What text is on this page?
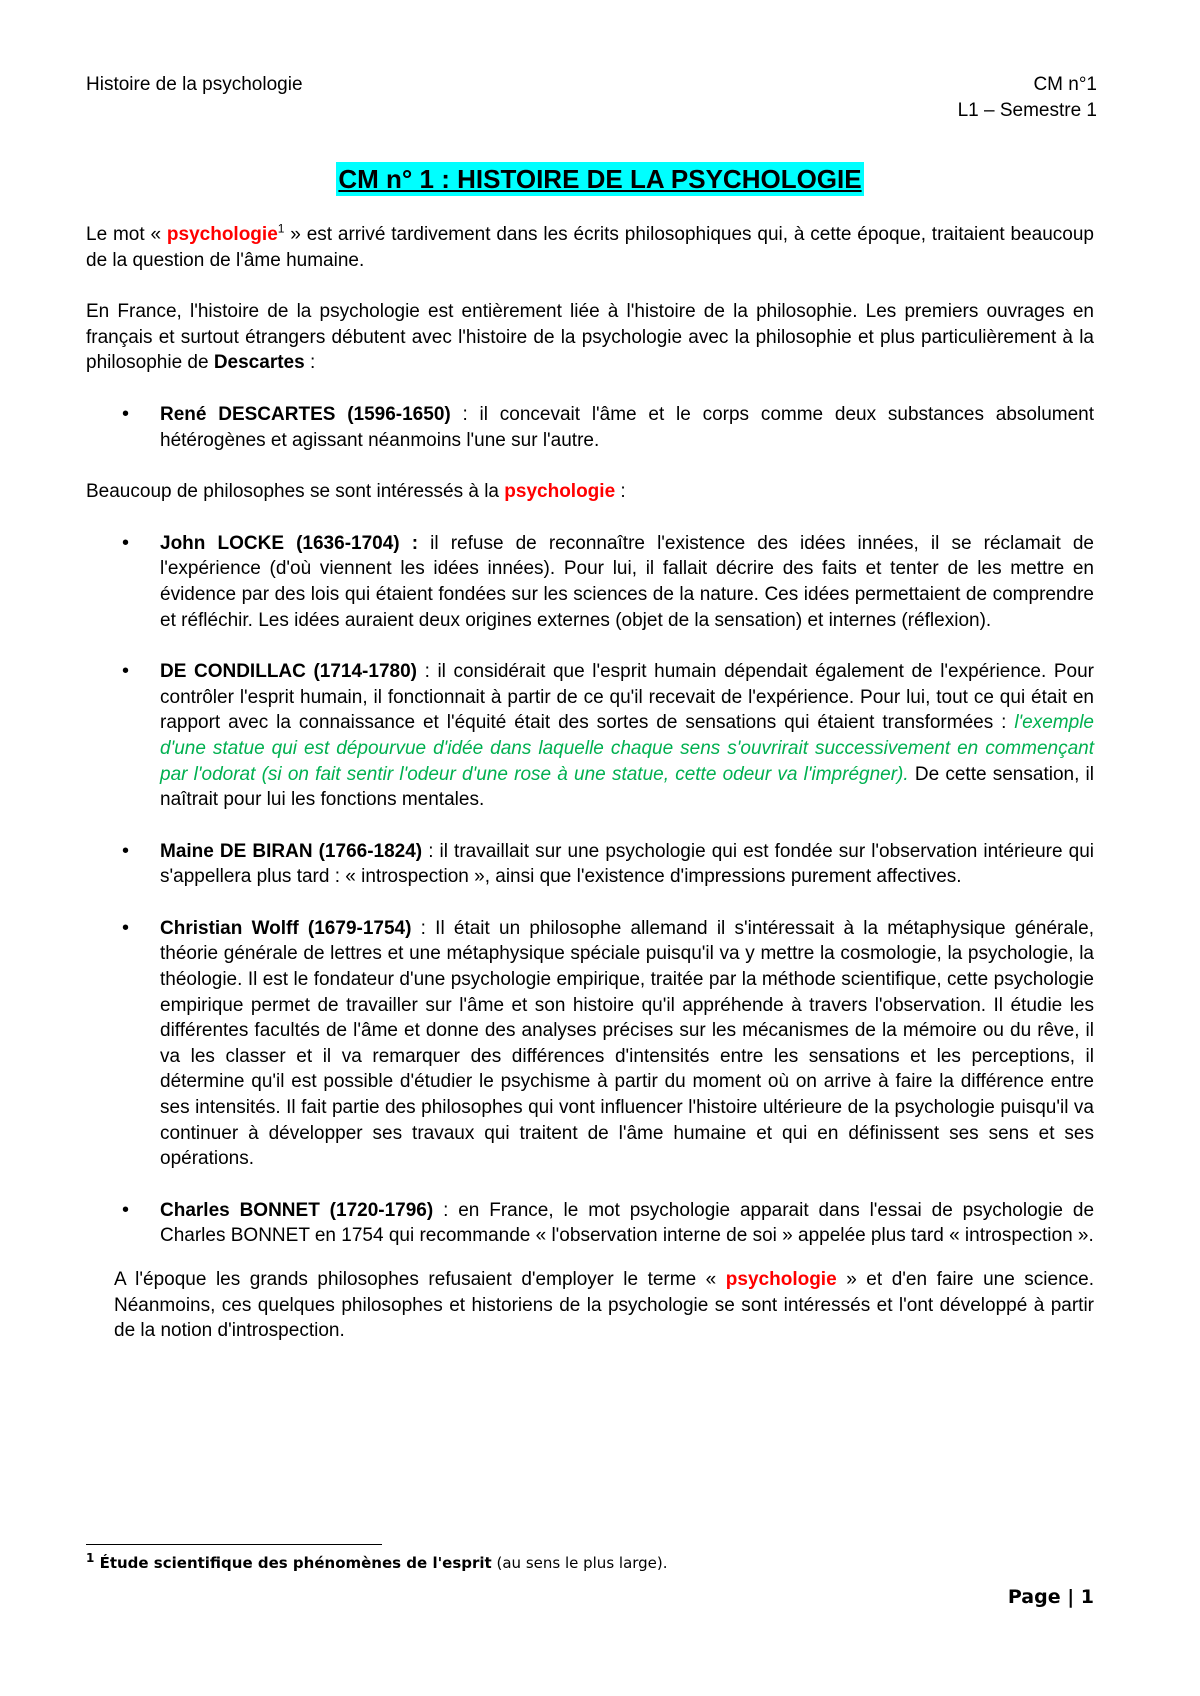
Histoire de la psychologie	CM n°1
L1 – Semestre 1
CM n° 1 : HISTOIRE DE LA PSYCHOLOGIE

Le mot « psychologie$^1$ » est arrivé tardivement dans les écrits philosophiques qui, à cette époque, traitaient beaucoup de la question de l'âme humaine.

En France, l'histoire de la psychologie est entièrement liée à l'histoire de la philosophie. Les premiers ouvrages en français et surtout étrangers débutent avec l'histoire de la psychologie avec la philosophie et plus particulièrement à la philosophie de Descartes :

• René DESCARTES (1596-1650) : il concevait l'âme et le corps comme deux substances absolument hétérogènes et agissant néanmoins l'une sur l'autre.

Beaucoup de philosophes se sont intéressés à la psychologie :

• John LOCKE (1636-1704) : il refuse de reconnaître l'existence des idées innées, il se réclamait de l'expérience (d'où viennent les idées innées). Pour lui, il fallait décrire des faits et tenter de les mettre en évidence par des lois qui étaient fondées sur les sciences de la nature. Ces idées permettaient de comprendre et réfléchir. Les idées auraient deux origines externes (objet de la sensation) et internes (réflexion).
• DE CONDILLAC (1714-1780) : il considérait que l'esprit humain dépendait également de l'expérience. Pour contrôler l'esprit humain, il fonctionnait à partir de ce qu'il recevait de l'expérience. Pour lui, tout ce qui était en rapport avec la connaissance et l'équité était des sortes de sensations qui étaient transformées : l'exemple d'une statue qui est dépourvue d'idée dans laquelle chaque sens s'ouvrirait successivement en commençant par l'odorat (si on fait sentir l'odeur d'une rose à une statue, cette odeur va l'imprégner). De cette sensation, il naîtrait pour lui les fonctions mentales.
• Maine DE BIRAN (1766-1824) : il travaillait sur une psychologie qui est fondée sur l'observation intérieure qui s'appellera plus tard : « introspection », ainsi que l'existence d'impressions purement affectives.
• Christian Wolff (1679-1754) : Il était un philosophe allemand il s'intéressait à la métaphysique générale, théorie générale de lettres et une métaphysique spéciale puisqu'il va y mettre la cosmologie, la psychologie, la théologie. Il est le fondateur d'une psychologie empirique, traitée par la méthode scientifique, cette psychologie empirique permet de travailler sur l'âme et son histoire qu'il appréhende à travers l'observation. Il étudie les différentes facultés de l'âme et donne des analyses précises sur les mécanismes de la mémoire ou du rêve, il va les classer et il va remarquer des différences d'intensités entre les sensations et les perceptions, il détermine qu'il est possible d'étudier le psychisme à partir du moment où on arrive à faire la différence entre ses intensités. Il fait partie des philosophes qui vont influencer l'histoire ultérieure de la psychologie puisqu'il va continuer à développer ses travaux qui traitent de l'âme humaine et qui en définissent ses sens et ses opérations.
• Charles BONNET (1720-1796) : en France, le mot psychologie apparait dans l'essai de psychologie de Charles BONNET en 1754 qui recommande « l'observation interne de soi » appelée plus tard « introspection ».

A l'époque les grands philosophes refusaient d'employer le terme « psychologie » et d'en faire une science. Néanmoins, ces quelques philosophes et historiens de la psychologie se sont intéressés et l'ont développé à partir de la notion d'introspection.

$^1$ Étude scientifique des phénomènes de l'esprit (au sens le plus large).
Page | 1
